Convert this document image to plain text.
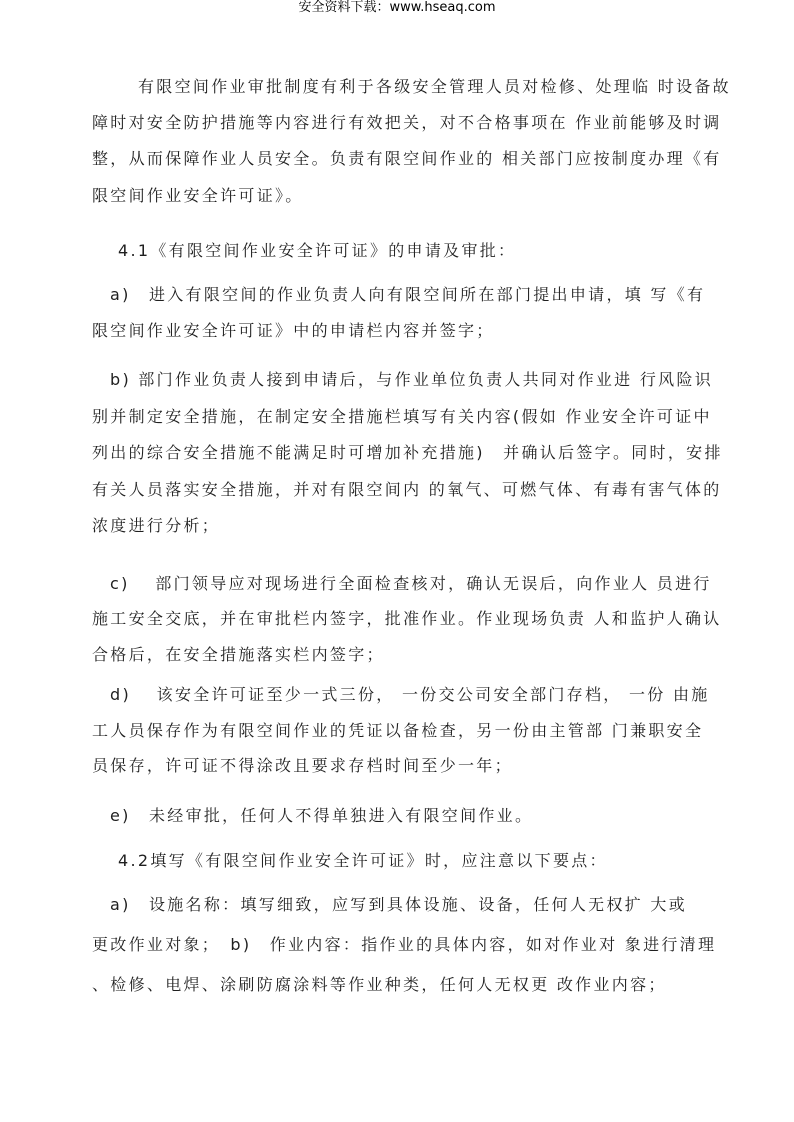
安全资料下载：www.hseaq.com
有限空间作业审批制度有利于各级安全管理人员对检修、处理临 时设备故
障时对安全防护措施等内容进行有效把关，对不合格事项在 作业前能够及时调
整，从而保障作业人员安全。负责有限空间作业的 相关部门应按制度办理《有
限空间作业安全许可证》。
4.1《有限空间作业安全许可证》的申请及审批：
a)　进入有限空间的作业负责人向有限空间所在部门提出申请，填 写《有
限空间作业安全许可证》中的申请栏内容并签字；
b) 部门作业负责人接到申请后，与作业单位负责人共同对作业进 行风险识
别并制定安全措施，在制定安全措施栏填写有关内容(假如 作业安全许可证中
列出的综合安全措施不能满足时可增加补充措施)　并确认后签字。同时，安排
有关人员落实安全措施，并对有限空间内 的氧气、可燃气体、有毒有害气体的
浓度进行分析；
c)　 部门领导应对现场进行全面检查核对，确认无误后，向作业人 员进行
施工安全交底，并在审批栏内签字，批准作业。作业现场负责 人和监护人确认
合格后，在安全措施落实栏内签字；
d)　 该安全许可证至少一式三份， 一份交公司安全部门存档， 一份 由施
工人员保存作为有限空间作业的凭证以备检查，另一份由主管部 门兼职安全
员保存，许可证不得涂改且要求存档时间至少一年；
e)　未经审批，任何人不得单独进入有限空间作业。
4.2填写《有限空间作业安全许可证》时，应注意以下要点：
a)　设施名称：填写细致，应写到具体设施、设备，任何人无权扩 大或
更改作业对象；　b)　作业内容：指作业的具体内容，如对作业对 象进行清理
、检修、电焊、涂刷防腐涂料等作业种类，任何人无权更 改作业内容；
